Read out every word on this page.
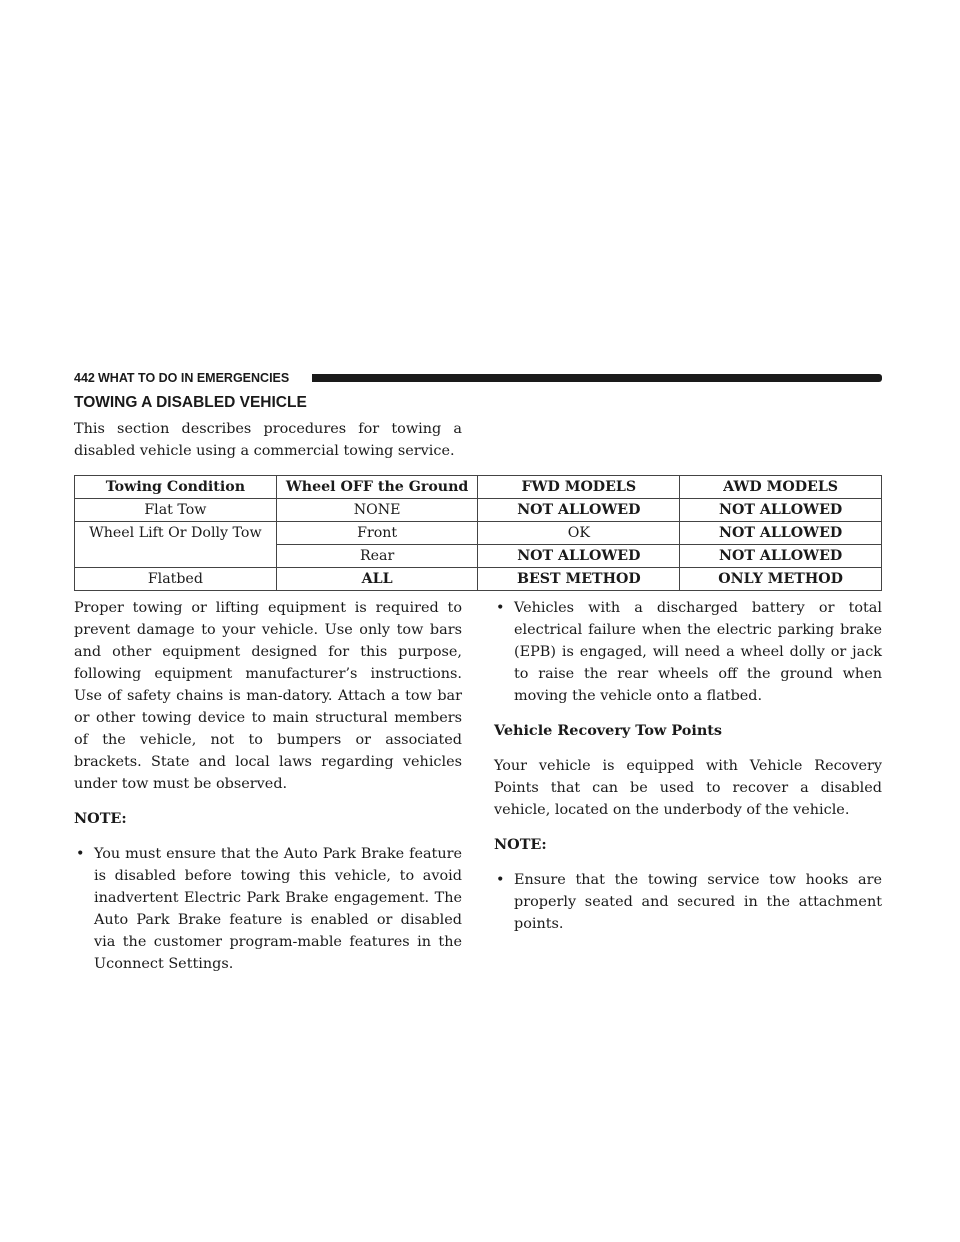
442 WHAT TO DO IN EMERGENCIES
TOWING A DISABLED VEHICLE

This section describes procedures for towing a disabled vehicle using a commercial towing service.

Towing Condition	Wheel OFF the Ground	FWD MODELS	AWD MODELS
Flat Tow	NONE	NOT ALLOWED	NOT ALLOWED
Wheel Lift Or Dolly Tow	Front	OK	NOT ALLOWED
	Rear	NOT ALLOWED	NOT ALLOWED
Flatbed	ALL	BEST METHOD	ONLY METHOD

Proper towing or lifting equipment is required to prevent damage to your vehicle. Use only tow bars and other equipment designed for this purpose, following equipment manufacturer’s instructions. Use of safety chains is man-datory. Attach a tow bar or other towing device to main structural members of the vehicle, not to bumpers or associated brackets. State and local laws regarding vehicles under tow must be observed.

NOTE:

• You must ensure that the Auto Park Brake feature is disabled before towing this vehicle, to avoid inadvertent Electric Park Brake engagement. The Auto Park Brake feature is enabled or disabled via the customer program-mable features in the Uconnect Settings.
• Vehicles with a discharged battery or total electrical failure when the electric parking brake (EPB) is engaged, will need a wheel dolly or jack to raise the rear wheels off the ground when moving the vehicle onto a flatbed.

Vehicle Recovery Tow Points

Your vehicle is equipped with Vehicle Recovery Points that can be used to recover a disabled vehicle, located on the underbody of the vehicle.

NOTE:

• Ensure that the towing service tow hooks are properly seated and secured in the attachment points.
